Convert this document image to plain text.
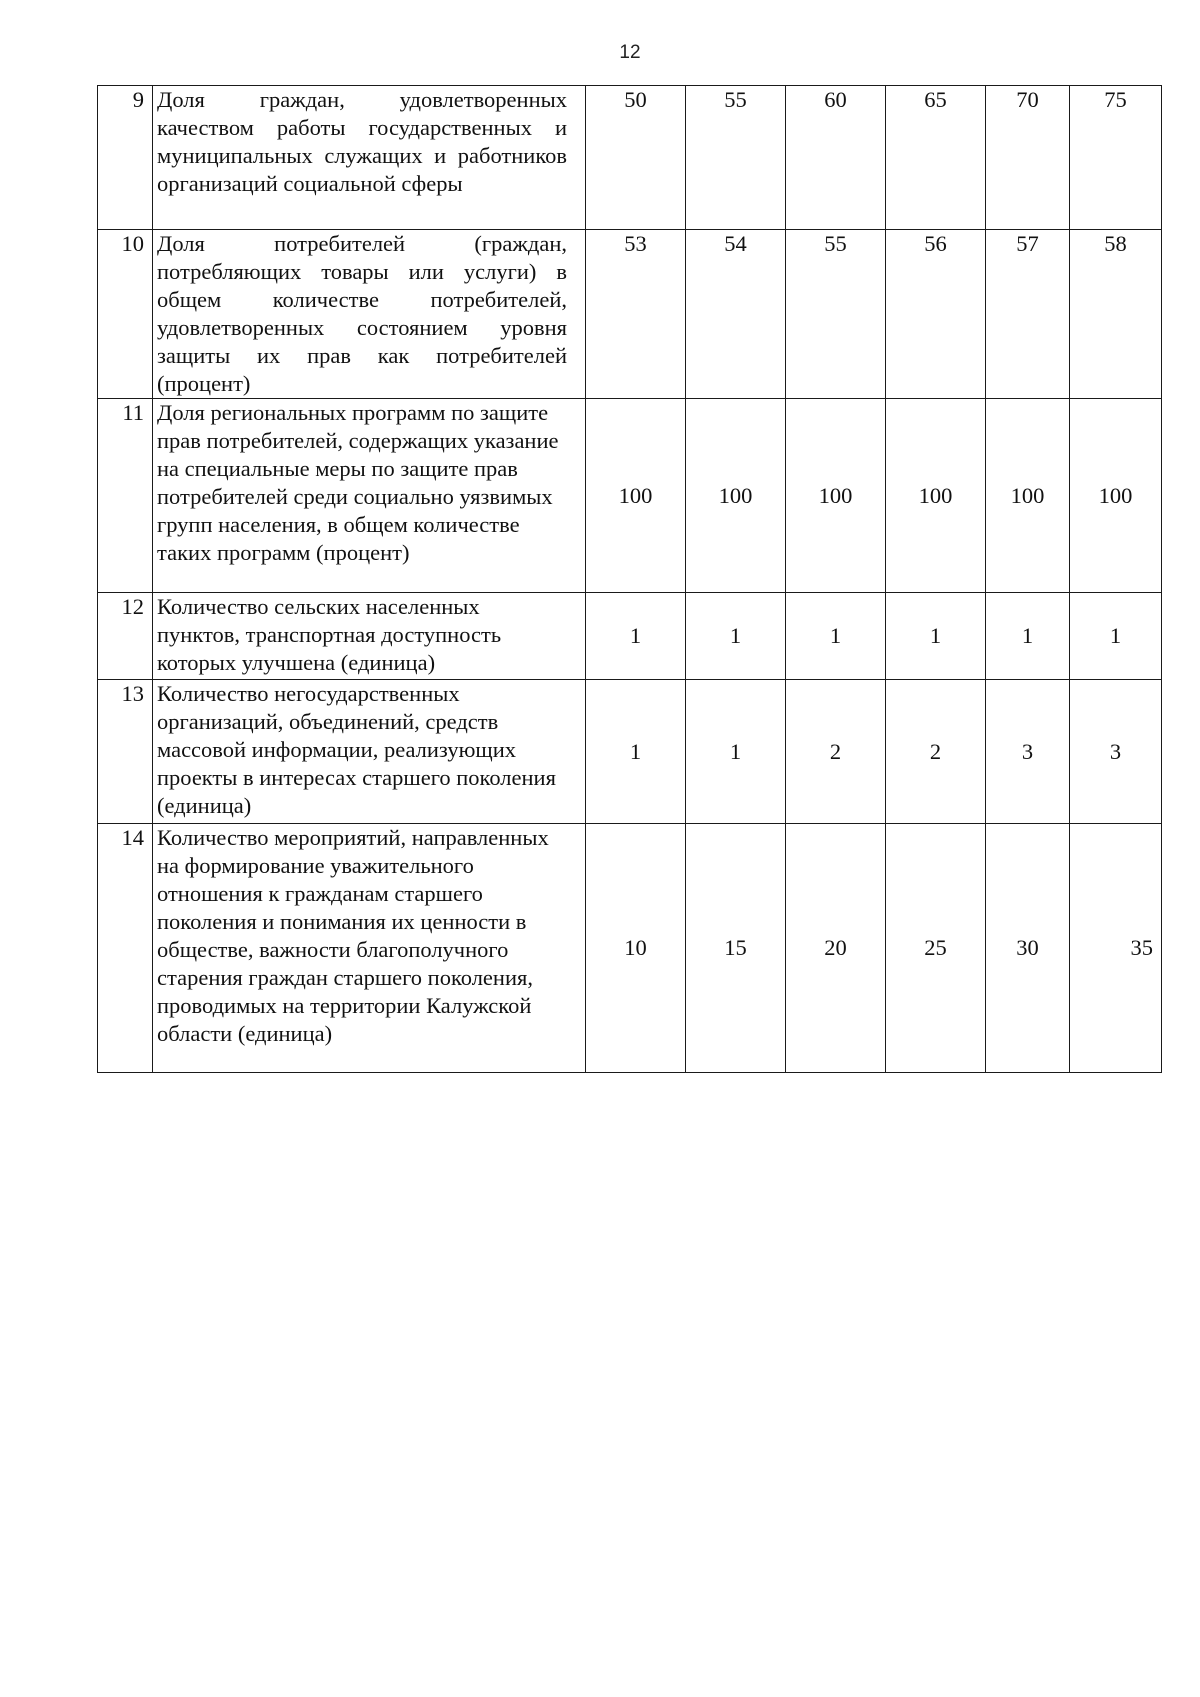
12
9	Доля граждан, удовлетворенных качеством работы государственных и муниципальных служащих и работников организаций социальной сферы	50	55	60	65	70	75
10	Доля потребителей (граждан, потребляющих товары или услуги) в общем количестве потребителей, удовлетворенных состоянием уровня защиты их прав как потребителей (процент)	53	54	55	56	57	58
11	Доля региональных программ по защите прав потребителей, содержащих указание на специальные меры по защите прав потребителей среди социально уязвимых групп населения, в общем количестве таких программ (процент)	100	100	100	100	100	100
12	Количество сельских населенных пунктов, транспортная доступность которых улучшена (единица)	1	1	1	1	1	1
13	Количество негосударственных организаций, объединений, средств массовой информации, реализующих проекты в интересах старшего поколения (единица)	1	1	2	2	3	3
14	Количество мероприятий, направленных на формирование уважительного отношения к гражданам старшего поколения и понимания их ценности в обществе, важности благополучного старения граждан старшего поколения, проводимых на территории Калужской области (единица)	10	15	20	25	30	35
